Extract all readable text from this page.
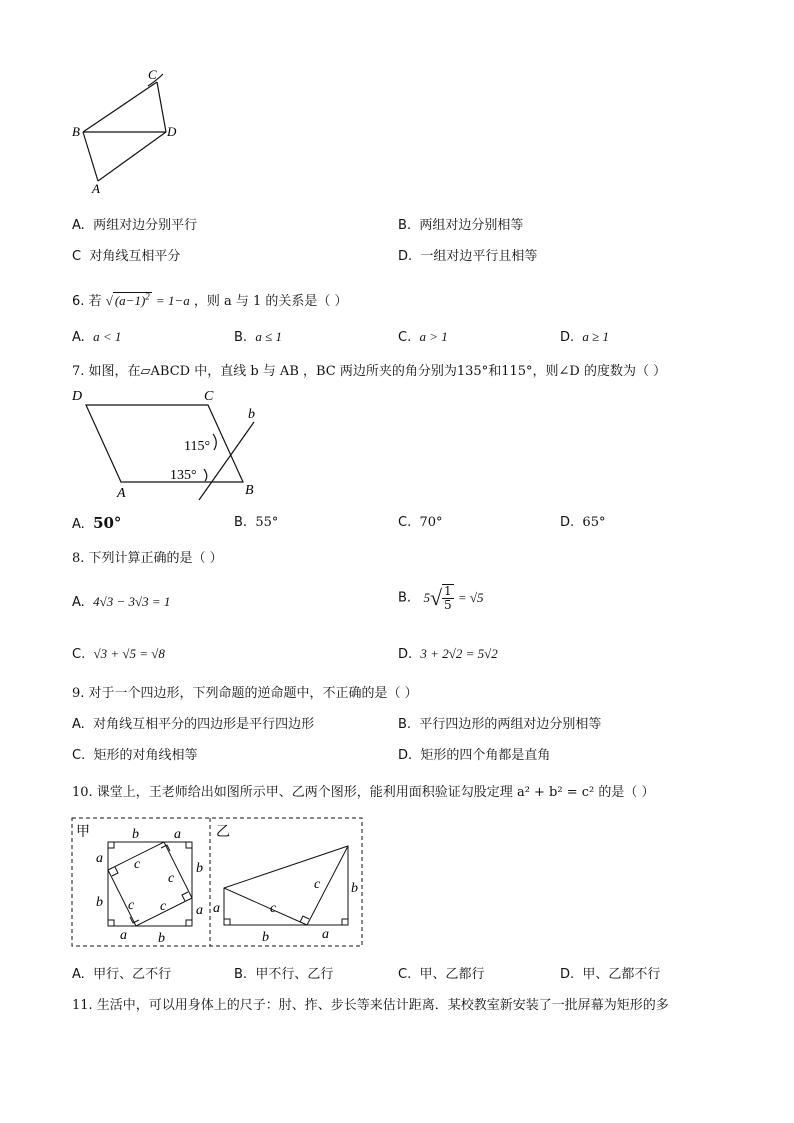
C
B	D
A
A. 两组对边分别平行	B. 两组对边分别相等
C 对角线互相平分	D. 一组对边平行且相等
6. 若 √ $(a-1)^2 = 1-a$ ，则 a 与 1 的关系是（ ）
A. a < 1	B. a ≤ 1	C. a > 1	D. a ≥ 1
7. 如图，在▱ABCD 中，直线 b 与 AB ，BC 两边所夹的角分别为135°和115°，则∠D 的度数为（ ）
D	C
b
115°
135°
A	B
A. 50°	B. 55°	C. 70°	D. 65°
8. 下列计算正确的是（ ）
A. 4√3 − 3√3 = 1	B. $5√ \frac{1}{5} = √5$
C. √3 + √5 = √8	D. 3 + 2√2 = 5√2
9. 对于一个四边形，下列命题的逆命题中，不正确的是（ ）
A. 对角线互相平分的四边形是平行四边形	B. 平行四边形的两组对边分别相等
C. 矩形的对角线相等	D. 矩形的四个角都是直角
10. 课堂上，王老师给出如图所示甲、乙两个图形，能利用面积验证勾股定理 a² + b² = c² 的是（ ）
甲	乙
b	a
a
b
b
a
a b
c
c
c c	a	c
c b
b	a
A. 甲行、乙不行	B. 甲不行、乙行	C. 甲、乙都行	D. 甲、乙都不行
11. 生活中，可以用身体上的尺子：肘、拃、步长等来估计距离．某校教室新安装了一批屏幕为矩形的多
